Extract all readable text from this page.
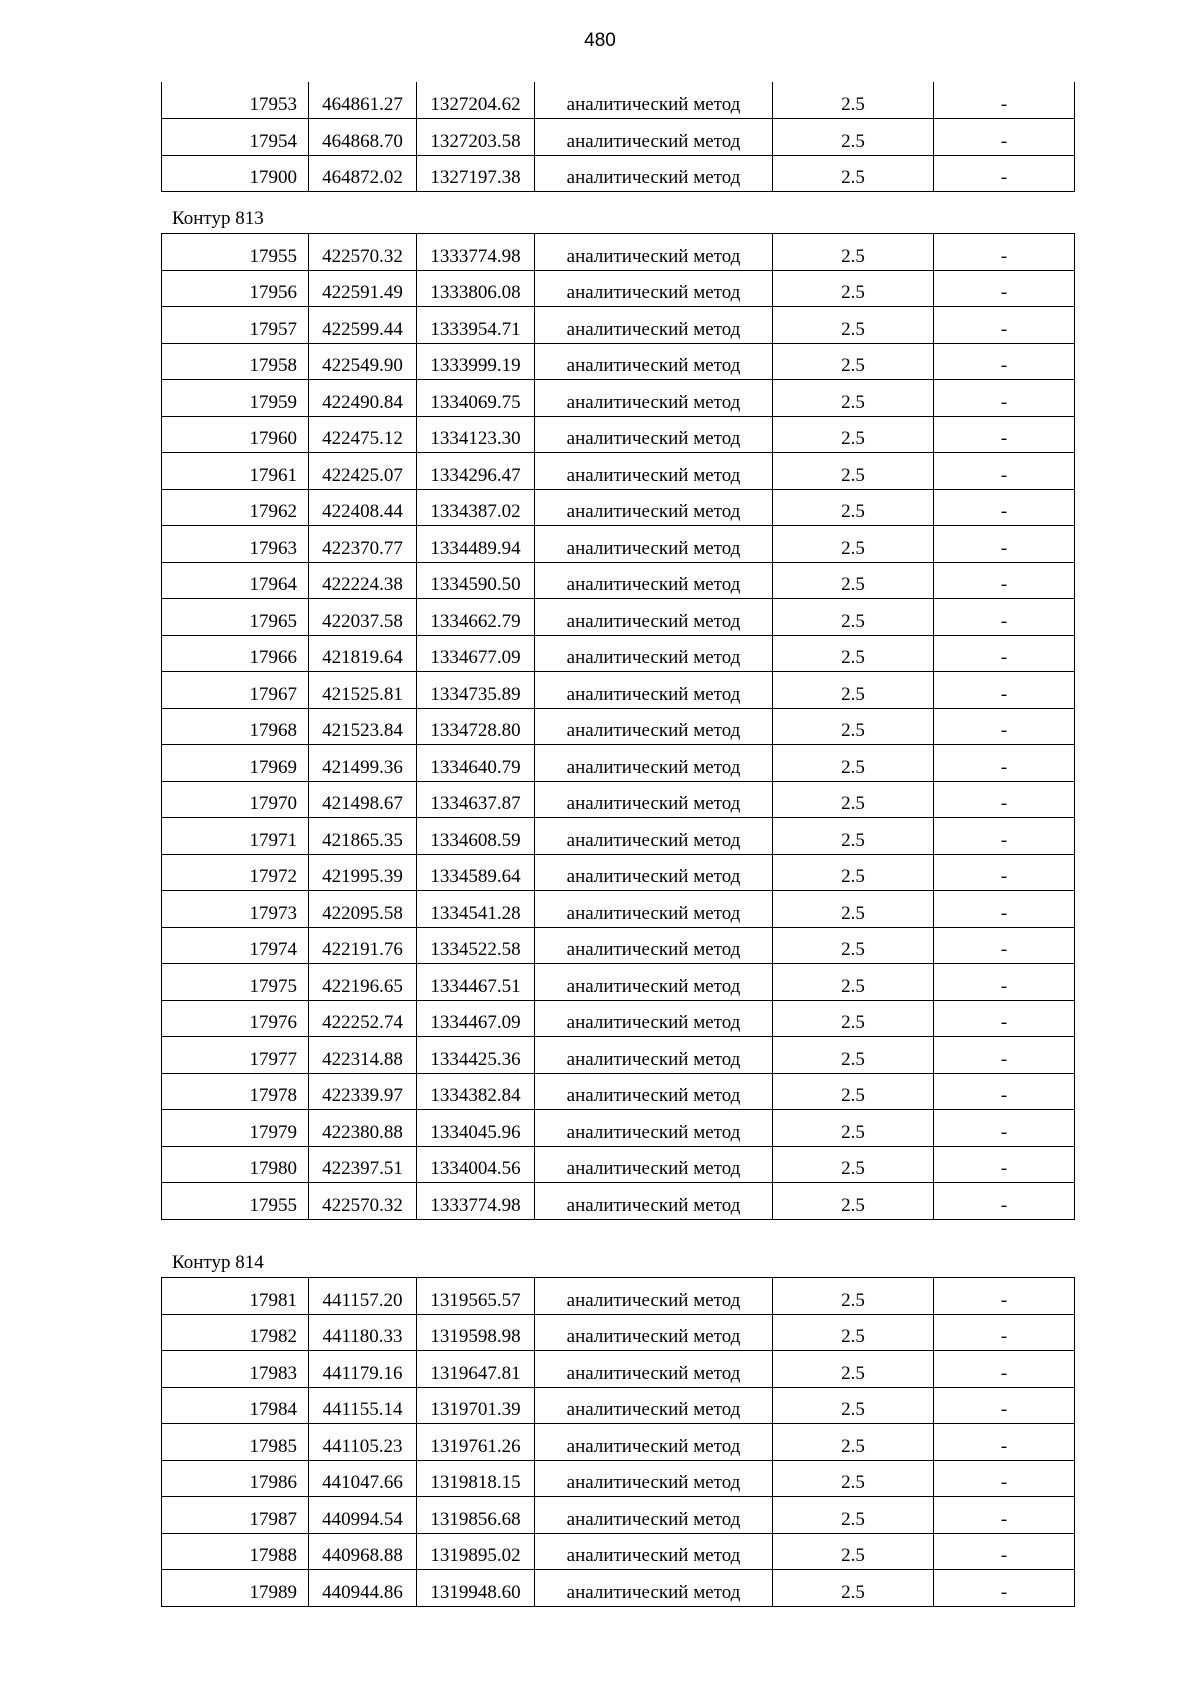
480
17953	464861.27	1327204.62	аналитический метод	2.5	-
17954	464868.70	1327203.58	аналитический метод	2.5	-
17900	464872.02	1327197.38	аналитический метод	2.5	-
Контур 813
17955	422570.32	1333774.98	аналитический метод	2.5	-
17956	422591.49	1333806.08	аналитический метод	2.5	-
17957	422599.44	1333954.71	аналитический метод	2.5	-
17958	422549.90	1333999.19	аналитический метод	2.5	-
17959	422490.84	1334069.75	аналитический метод	2.5	-
17960	422475.12	1334123.30	аналитический метод	2.5	-
17961	422425.07	1334296.47	аналитический метод	2.5	-
17962	422408.44	1334387.02	аналитический метод	2.5	-
17963	422370.77	1334489.94	аналитический метод	2.5	-
17964	422224.38	1334590.50	аналитический метод	2.5	-
17965	422037.58	1334662.79	аналитический метод	2.5	-
17966	421819.64	1334677.09	аналитический метод	2.5	-
17967	421525.81	1334735.89	аналитический метод	2.5	-
17968	421523.84	1334728.80	аналитический метод	2.5	-
17969	421499.36	1334640.79	аналитический метод	2.5	-
17970	421498.67	1334637.87	аналитический метод	2.5	-
17971	421865.35	1334608.59	аналитический метод	2.5	-
17972	421995.39	1334589.64	аналитический метод	2.5	-
17973	422095.58	1334541.28	аналитический метод	2.5	-
17974	422191.76	1334522.58	аналитический метод	2.5	-
17975	422196.65	1334467.51	аналитический метод	2.5	-
17976	422252.74	1334467.09	аналитический метод	2.5	-
17977	422314.88	1334425.36	аналитический метод	2.5	-
17978	422339.97	1334382.84	аналитический метод	2.5	-
17979	422380.88	1334045.96	аналитический метод	2.5	-
17980	422397.51	1334004.56	аналитический метод	2.5	-
17955	422570.32	1333774.98	аналитический метод	2.5	-
Контур 814
17981	441157.20	1319565.57	аналитический метод	2.5	-
17982	441180.33	1319598.98	аналитический метод	2.5	-
17983	441179.16	1319647.81	аналитический метод	2.5	-
17984	441155.14	1319701.39	аналитический метод	2.5	-
17985	441105.23	1319761.26	аналитический метод	2.5	-
17986	441047.66	1319818.15	аналитический метод	2.5	-
17987	440994.54	1319856.68	аналитический метод	2.5	-
17988	440968.88	1319895.02	аналитический метод	2.5	-
17989	440944.86	1319948.60	аналитический метод	2.5	-
